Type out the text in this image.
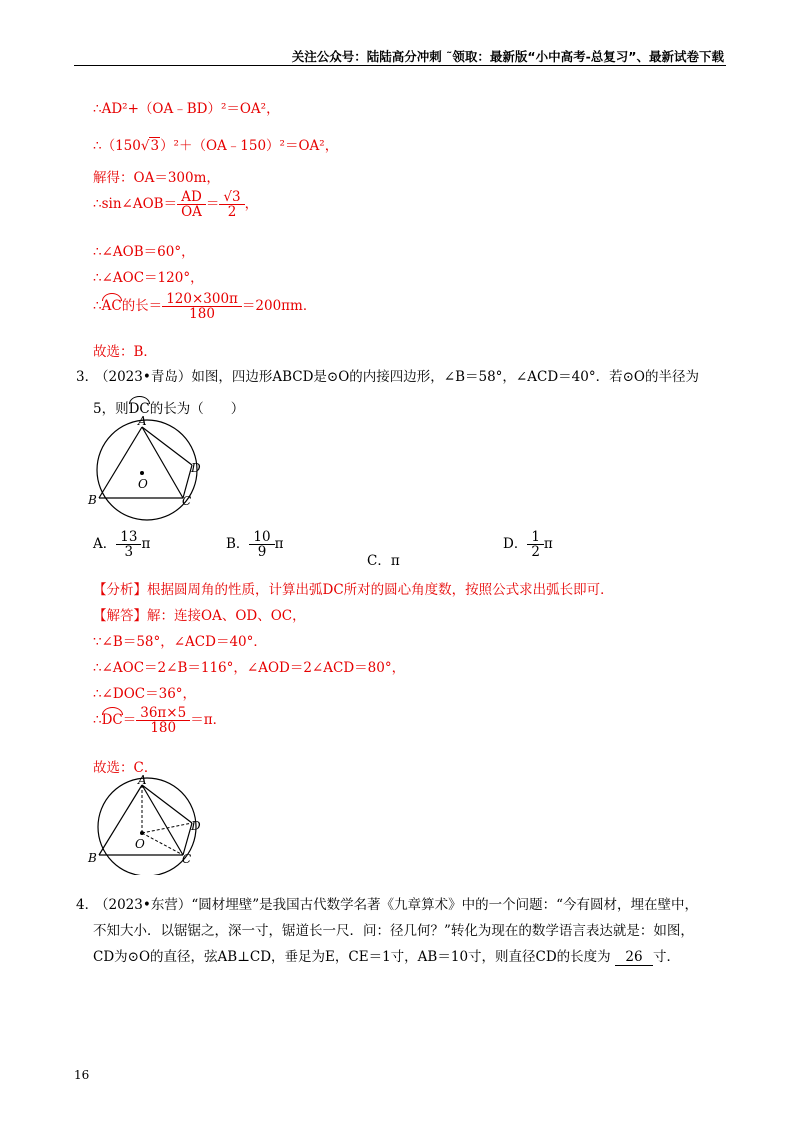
关注公众号：陆陆高分冲刺 ˜领取：最新版“小中高考-总复习”、最新试卷下载
∴AD²+（OA﹣BD）²＝OA²，
∴（150√3）²＋（OA﹣150）²＝OA²，
解得：OA＝300m，
∴sin∠AOB＝ $\frac{AD}{OA} = \frac{√3}{2}$ ，
∴∠AOB＝60°，
∴∠AOC＝120°，
∴AC的长＝ $\frac{120\times 300\pi}{180} =200\pi m$．
故选：B．
3．
（2023•青岛）如图，四边形ABCD是⊙O的内接四边形，∠B＝58°，∠ACD＝40°．若⊙O的半径为
5，则DC的长为（　　）
A
B	C
D
O
A． $\frac{13}{3}$ π	B． $\frac{10}{9}$ π
C．π
D． $\frac{1}{2}$ π
【分析】根据圆周角的性质，计算出弧DC所对的圆心角度数，按照公式求出弧长即可．
【解答】解：连接OA、OD、OC，
∵∠B＝58°，∠ACD＝40°．
∴∠AOC＝2∠B＝116°，∠AOD＝2∠ACD＝80°，
∴∠DOC＝36°，
∴DC＝ $\frac{36\pi\times 5}{180} =\pi$．
故选：C．
A
B	C
D
O
4．
（2023•东营）“圆材埋壁”是我国古代数学名著《九章算术》中的一个问题：“今有圆材，埋在壁中，
不知大小．以锯锯之，深一寸，锯道长一尺．问：径几何？”转化为现在的数学语言表达就是：如图，
CD为⊙O的直径，弦AB⊥CD，垂足为E，CE＝1寸，AB＝10寸，则直径CD的长度为 26 寸．
16
